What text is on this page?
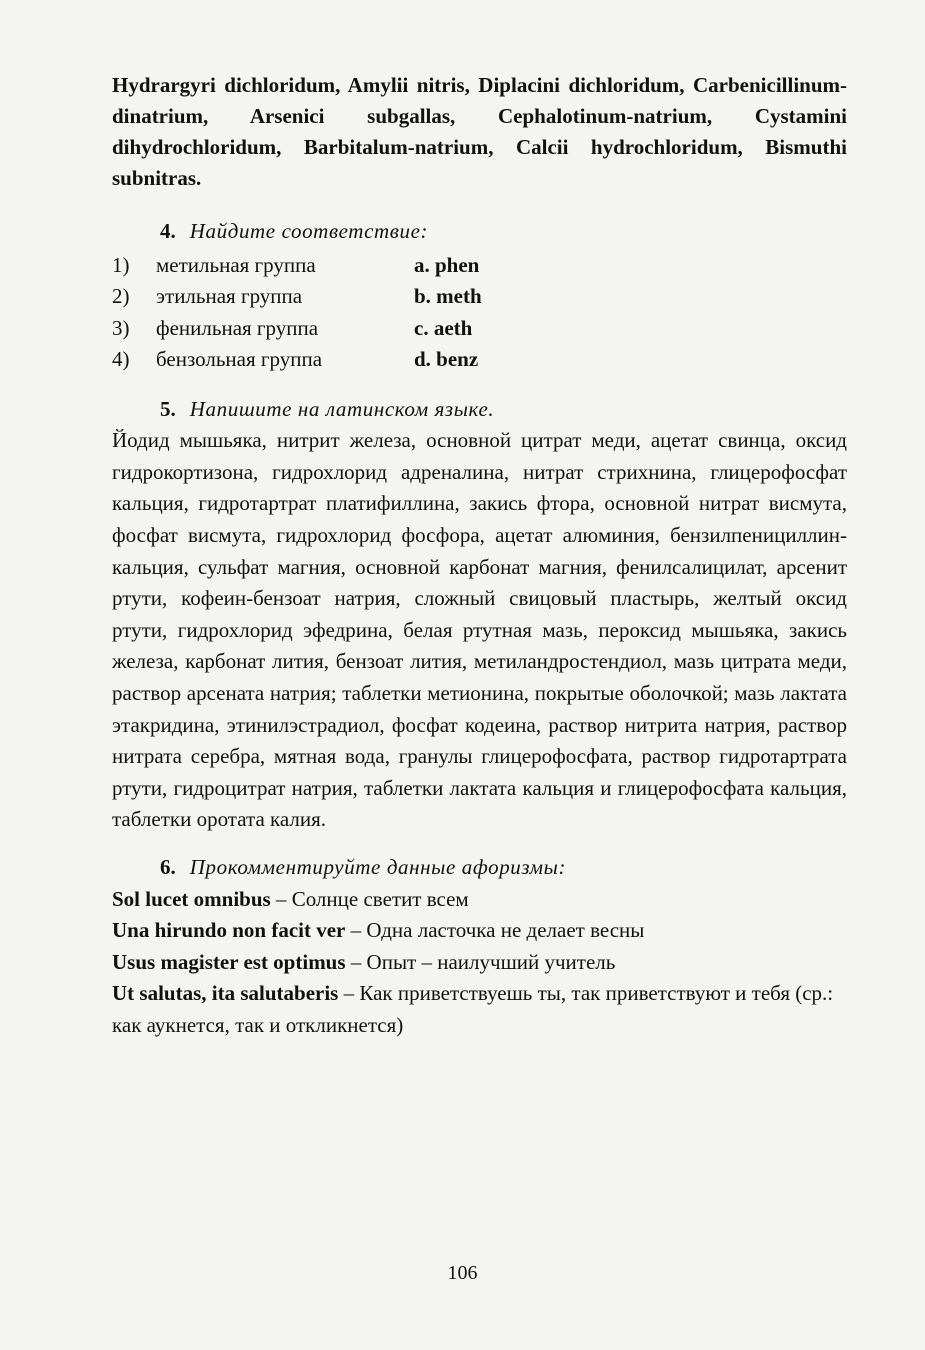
Hydrargyri dichloridum, Amylii nitris, Diplacini dichloridum, Carbenicillinum-dinatrium, Arsenici subgallas, Cephalotinum-natrium, Cystamini dihydrochloridum, Barbitalum-natrium, Calcii hydrochloridum, Bismuthi subnitras.

4. Найдите соответствие:

1)	метильная группа	a. phen
2)	этильная группа	b. meth
3)	фенильная группа	c. aeth
4)	бензольная группа	d. benz

5. Напишите на латинском языке.

Йодид мышьяка, нитрит железа, основной цитрат меди, ацетат свинца, оксид гидрокортизона, гидрохлорид адреналина, нитрат стрихнина, глицерофосфат кальция, гидротартрат платифиллина, закись фтора, основной нитрат висмута, фосфат висмута, гидрохлорид фосфора, ацетат алюминия, бензилпенициллин-кальция, сульфат магния, основной карбонат магния, фенилсалицилат, арсенит ртути, кофеин-бензоат натрия, сложный свицовый пластырь, желтый оксид ртути, гидрохлорид эфедрина, белая ртутная мазь, пероксид мышьяка, закись железа, карбонат лития, бензоат лития, метиландростендиол, мазь цитрата меди, раствор арсената натрия; таблетки метионина, покрытые оболочкой; мазь лактата этакридина, этинилэстрадиол, фосфат кодеина, раствор нитрита натрия, раствор нитрата серебра, мятная вода, гранулы глицерофосфата, раствор гидротартрата ртути, гидроцитрат натрия, таблетки лактата кальция и глицерофосфата кальция, таблетки оротата калия.

6. Прокомментируйте данные афоризмы:

Sol lucet omnibus – Солнце светит всем

Una hirundo non facit ver – Одна ласточка не делает весны

Usus magister est optimus – Опыт – наилучший учитель

Ut salutas, ita salutaberis – Как приветствуешь ты, так приветствуют и тебя (ср.: как аукнется, так и откликнется)

106
